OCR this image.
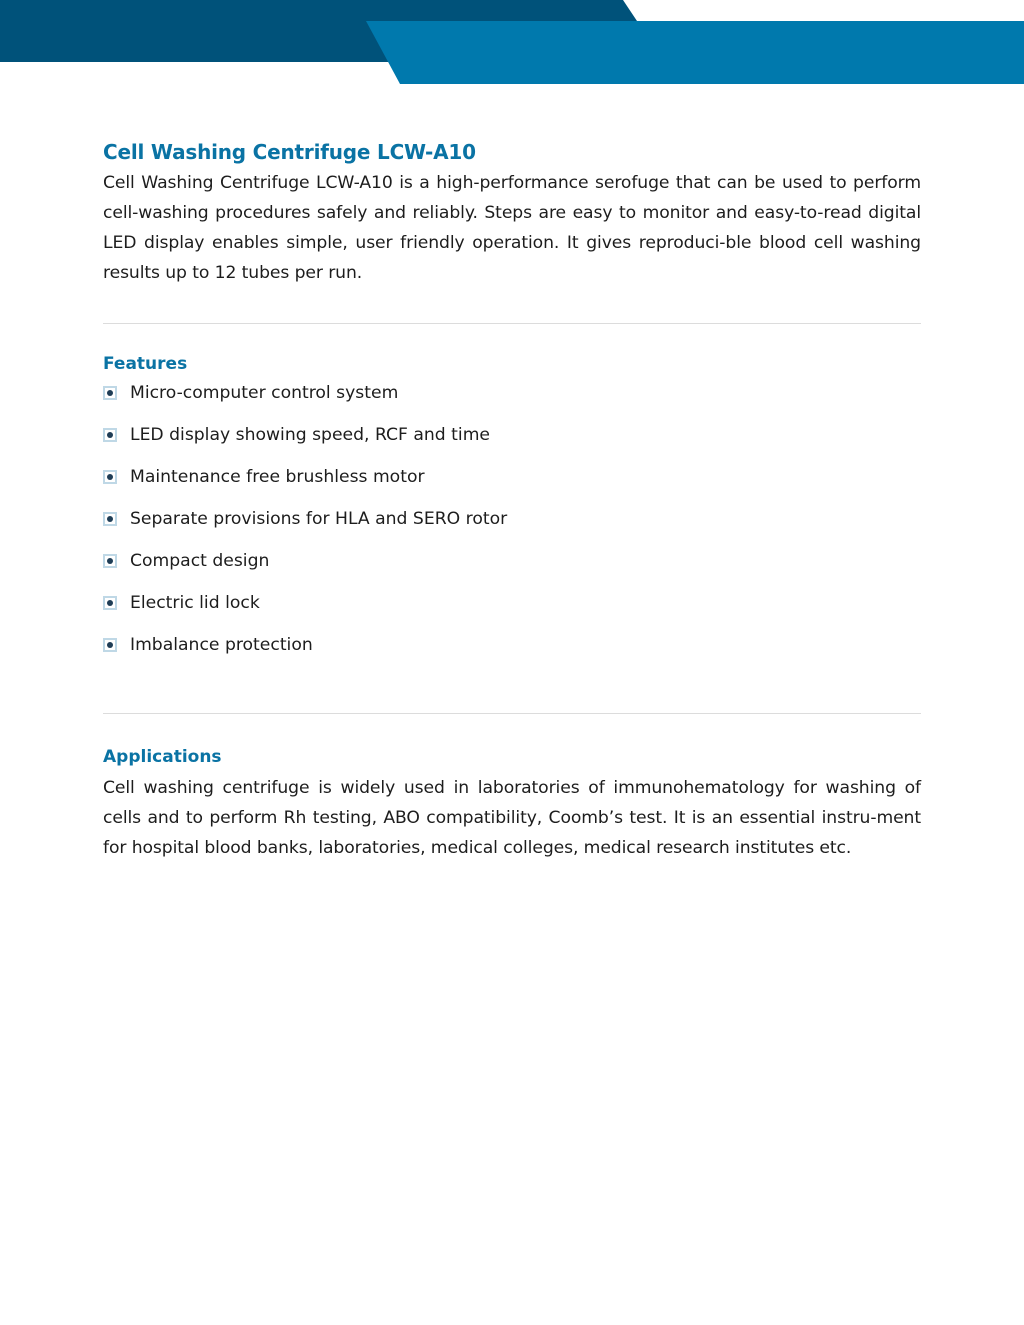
Cell Washing Centrifuge LCW-A10

Cell Washing Centrifuge LCW-A10 is a high-performance serofuge that can be used to perform cell-washing procedures safely and reliably. Steps are easy to monitor and easy-to-read digital LED display enables simple, user friendly operation. It gives reproduci-ble blood cell washing results up to 12 tubes per run.

Features
Micro-computer control system
LED display showing speed, RCF and time
Maintenance free brushless motor
Separate provisions for HLA and SERO rotor
Compact design
Electric lid lock
Imbalance protection
Applications

Cell washing centrifuge is widely used in laboratories of immunohematology for washing of cells and to perform Rh testing, ABO compatibility, Coomb’s test. It is an essential instru-ment for hospital blood banks, laboratories, medical colleges, medical research institutes etc.
